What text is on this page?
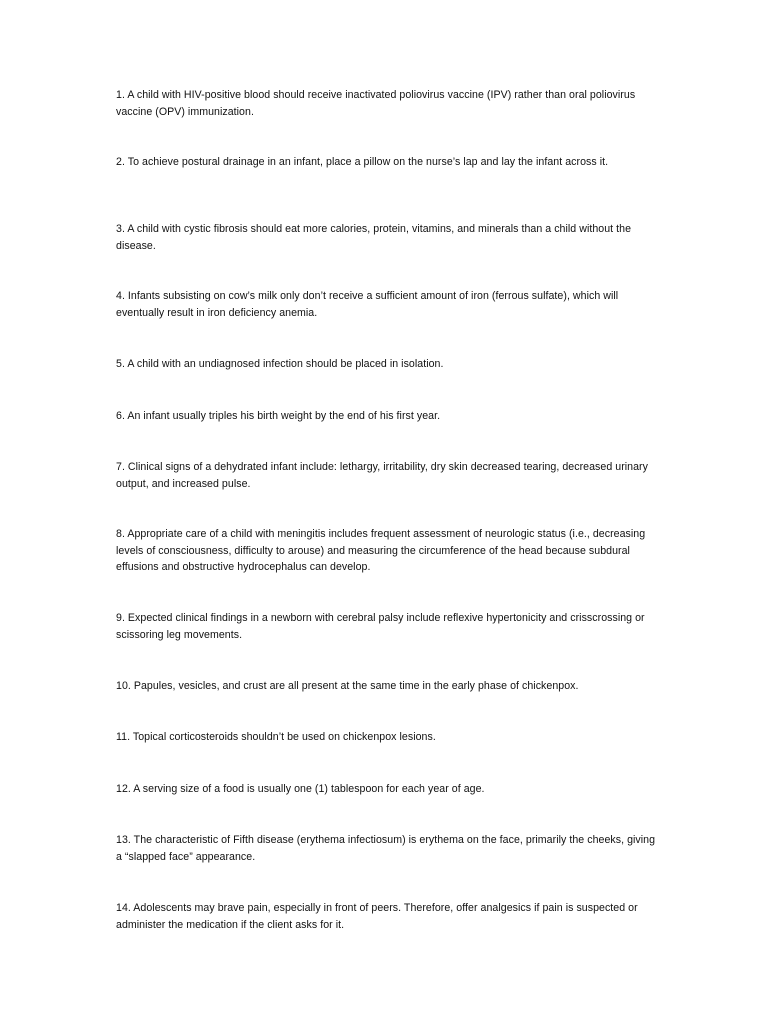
1. A child with HIV-positive blood should receive inactivated poliovirus vaccine (IPV) rather than oral poliovirus vaccine (OPV) immunization.

2. To achieve postural drainage in an infant, place a pillow on the nurse’s lap and lay the infant across it.

3. A child with cystic fibrosis should eat more calories, protein, vitamins, and minerals than a child without the disease.

4. Infants subsisting on cow’s milk only don’t receive a sufficient amount of iron (ferrous sulfate), which will eventually result in iron deficiency anemia.

5. A child with an undiagnosed infection should be placed in isolation.

6. An infant usually triples his birth weight by the end of his first year.

7. Clinical signs of a dehydrated infant include: lethargy, irritability, dry skin decreased tearing, decreased urinary output, and increased pulse.

8. Appropriate care of a child with meningitis includes frequent assessment of neurologic status (i.e., decreasing levels of consciousness, difficulty to arouse) and measuring the circumference of the head because subdural effusions and obstructive hydrocephalus can develop.

9. Expected clinical findings in a newborn with cerebral palsy include reflexive hypertonicity and crisscrossing or scissoring leg movements.

10. Papules, vesicles, and crust are all present at the same time in the early phase of chickenpox.

11. Topical corticosteroids shouldn’t be used on chickenpox lesions.

12. A serving size of a food is usually one (1) tablespoon for each year of age.

13. The characteristic of Fifth disease (erythema infectiosum) is erythema on the face, primarily the cheeks, giving a “slapped face” appearance.

14. Adolescents may brave pain, especially in front of peers. Therefore, offer analgesics if pain is suspected or administer the medication if the client asks for it.
